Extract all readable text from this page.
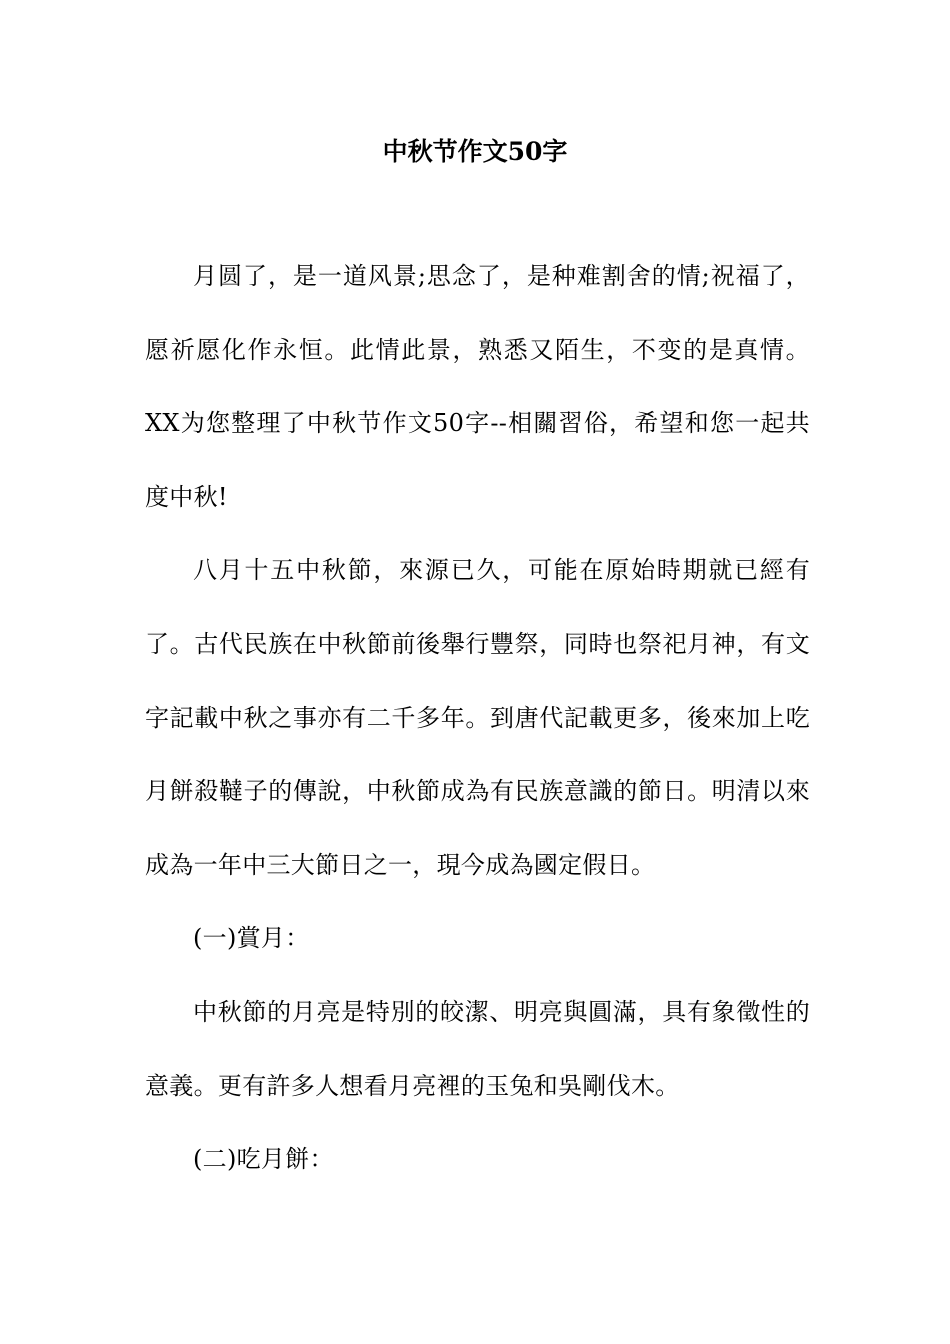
中秋节作文50字

月圆了，是一道风景;思念了，是种难割舍的情;祝福了，愿祈愿化作永恒。此情此景，熟悉又陌生，不变的是真情。XX为您整理了中秋节作文50字--相關習俗，希望和您一起共度中秋!

八月十五中秋節，來源已久，可能在原始時期就已經有了。古代民族在中秋節前後舉行豐祭，同時也祭祀月神，有文字記載中秋之事亦有二千多年。到唐代記載更多，後來加上吃月餅殺韃子的傳說，中秋節成為有民族意識的節日。明清以來成為一年中三大節日之一，現今成為國定假日。

(一)賞月：

中秋節的月亮是特別的皎潔、明亮與圓滿，具有象徵性的意義。更有許多人想看月亮裡的玉兔和吳剛伐木。

(二)吃月餅：
